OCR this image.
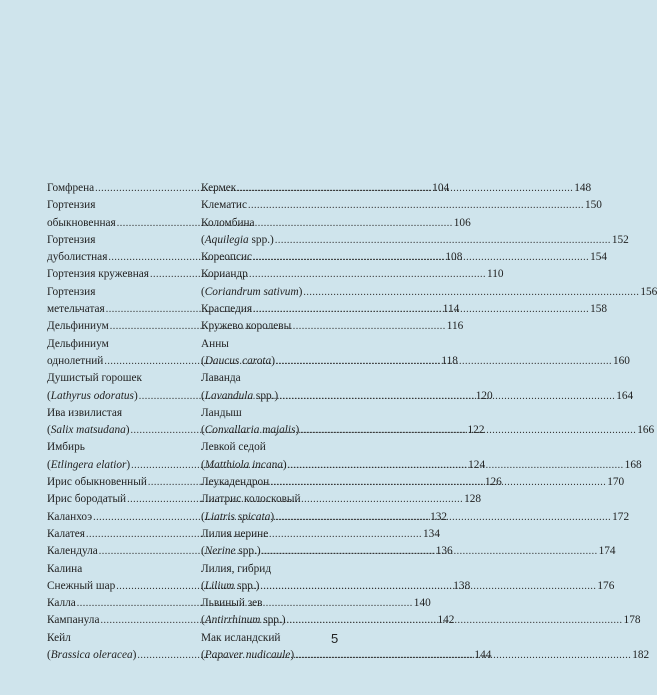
Гомфрена .....	104
Гортензия
обыкновенная .....	106
Гортензия
дуболистная .....	108
Гортензия кружевная .....	110
Гортензия
метельчатая .....	114
Дельфиниум .....	116
Дельфиниум
однолетний .....	118
Душистый горошек
(Lathyrus odoratus) .....	120
Ива извилистая
(Salix matsudana) .....	122
Имбирь
(Etlingera elatior) .....	124
Ирис обыкновенный .....	126
Ирис бородатый .....	128
Каланхоэ .....	132
Калатея .....	134
Календула .....	136
Калина
Снежный шар .....	138
Калла .....	140
Кампанула .....	142
Кейл
(Brassica oleracea) .....	144
Кермек .....	148
Клематис .....	150
Коломбина
(Aquilegia spp.) .....	152
Кореопсис .....	154
Кориандр
(Coriandrum sativum) .....	156
Краспедия .....	158
Кружево королевы
Анны
(Daucus carota) .....	160
Лаванда
(Lavandula spp.) .....	164
Ландыш
(Convallaria majalis) .....	166
Левкой седой
(Matthiola incana) .....	168
Леукадендрон .....	170
Лиатрис колосковый
(Liatris spicata) .....	172
Лилия нерине
(Nerine spp.) .....	174
Лилия, гибрид
(Lilium spp.) .....	176
Львиный зев
(Antirrhinum spp.) .....	178
Мак исландский
(Papaver nudicaule) .....	182
5
